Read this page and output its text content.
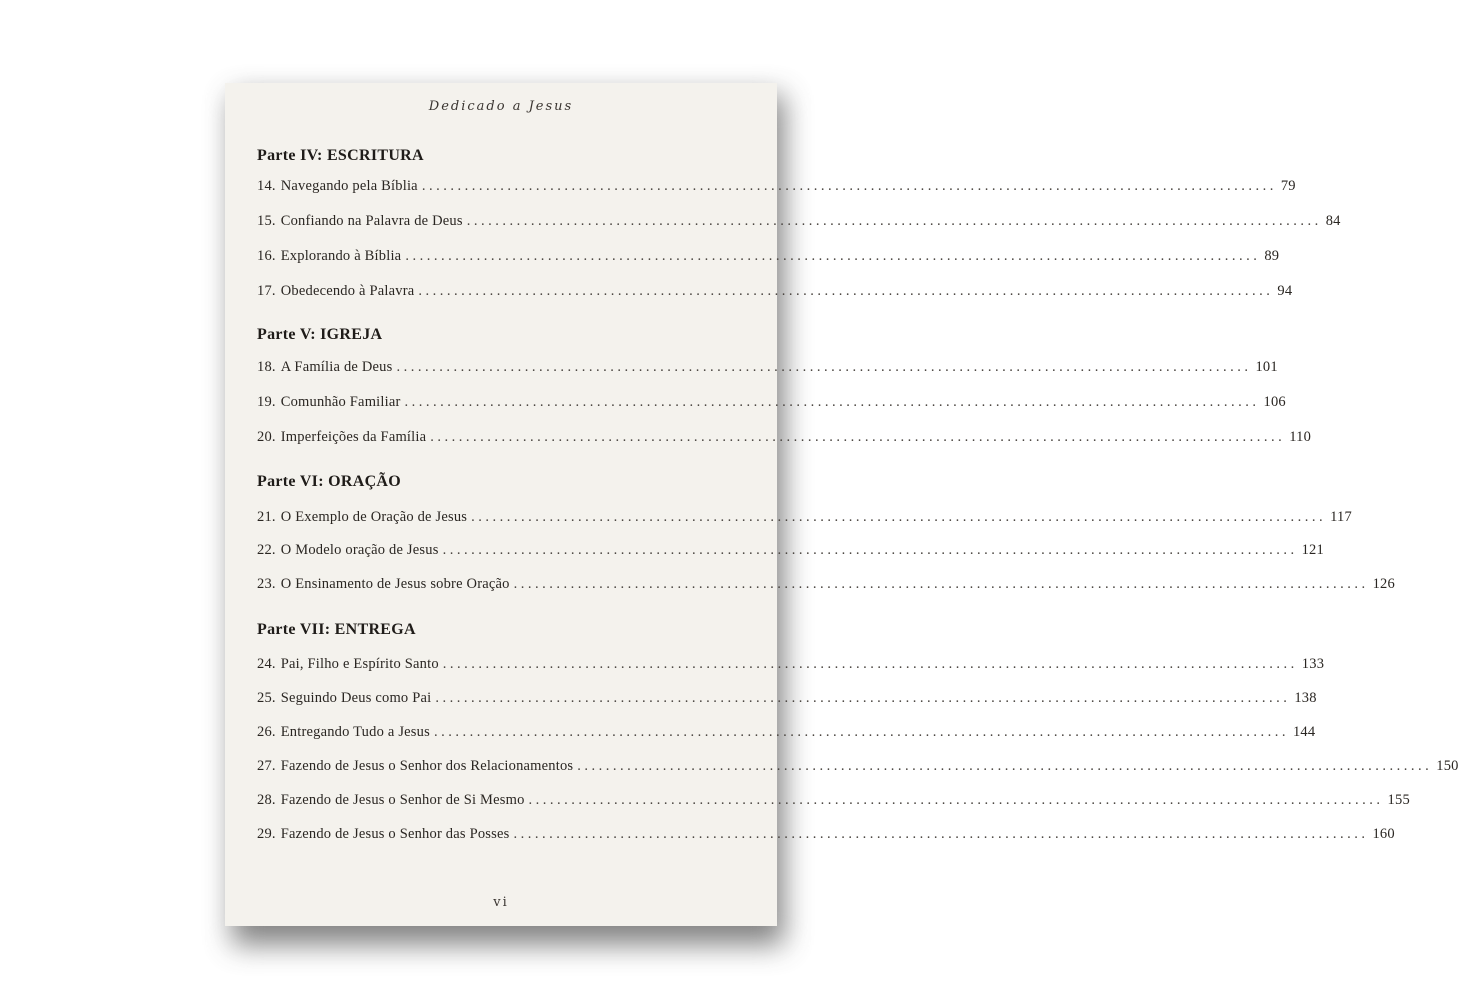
Dedicado a Jesus
Parte IV: ESCRITURA
14. Navegando pela Bíblia ........................................................................................................................ 79
15. Confiando na Palavra de Deus ........................................................................................................................ 84
16. Explorando à Bíblia ........................................................................................................................ 89
17. Obedecendo à Palavra ........................................................................................................................ 94
Parte V: IGREJA
18. A Família de Deus ........................................................................................................................ 101
19. Comunhão Familiar ........................................................................................................................ 106
20. Imperfeições da Família ........................................................................................................................ 110
Parte VI: ORAÇÃO
21. O Exemplo de Oração de Jesus ........................................................................................................................ 117
22. O Modelo oração de Jesus ........................................................................................................................ 121
23. O Ensinamento de Jesus sobre Oração ........................................................................................................................ 126
Parte VII: ENTREGA
24. Pai, Filho e Espírito Santo ........................................................................................................................ 133
25. Seguindo Deus como Pai ........................................................................................................................ 138
26. Entregando Tudo a Jesus ........................................................................................................................ 144
27. Fazendo de Jesus o Senhor dos Relacionamentos ........................................................................................................................ 150
28. Fazendo de Jesus o Senhor de Si Mesmo ........................................................................................................................ 155
29. Fazendo de Jesus o Senhor das Posses ........................................................................................................................ 160
vi
